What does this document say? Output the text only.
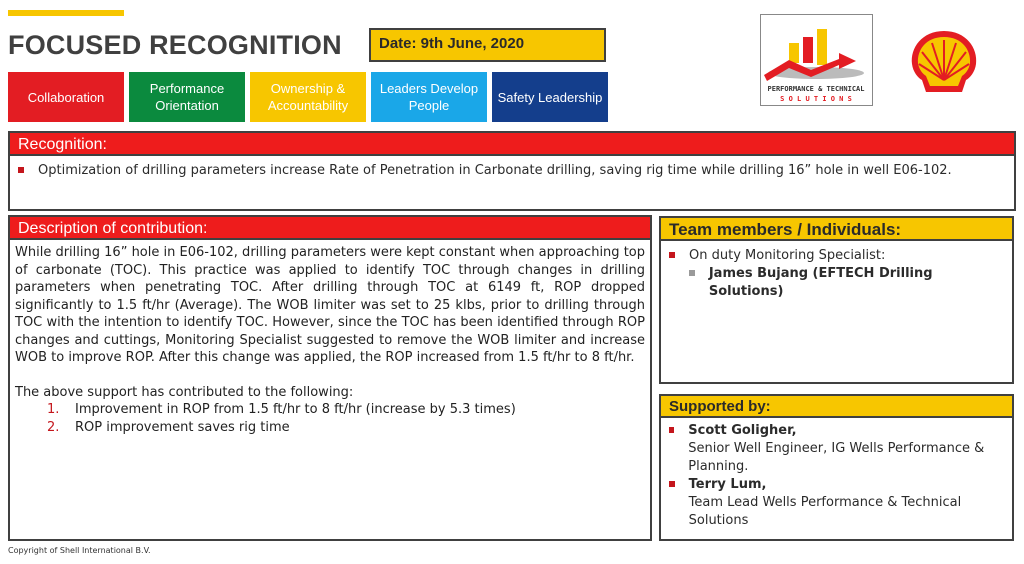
FOCUSED RECOGNITION	Date: 9th June, 2020
Collaboration
Performance Orientation
Ownership & Accountability
Leaders Develop People
Safety Leadership
PERFORMANCE & TECHNICAL
S O L U T I O N S
Recognition:
Optimization of drilling parameters increase Rate of Penetration in Carbonate drilling, saving rig time while drilling 16” hole in well E06-102.
Description of contribution:

While drilling 16” hole in E06-102, drilling parameters were kept constant when approaching top of carbonate (TOC). This practice was applied to identify TOC through changes in drilling parameters when penetrating TOC. After drilling through TOC at 6149 ft, ROP dropped significantly to 1.5 ft/hr (Average). The WOB limiter was set to 25 klbs, prior to drilling through TOC with the intention to identify TOC. However, since the TOC has been identified through ROP changes and cuttings, Monitoring Specialist suggested to remove the WOB limiter and increase WOB to improve ROP. After this change was applied, the ROP increased from 1.5 ft/hr to 8 ft/hr.

The above support has contributed to the following:

1. Improvement in ROP from 1.5 ft/hr to 8 ft/hr (increase by 5.3 times)
2. ROP improvement saves rig time
Team members / Individuals:
On duty Monitoring Specialist:
James Bujang (EFTECH Drilling Solutions)
Supported by:
Scott Goligher,
Senior Well Engineer, IG Wells Performance & Planning.
Terry Lum,
Team Lead Wells Performance & Technical Solutions
Copyright of Shell International B.V.
